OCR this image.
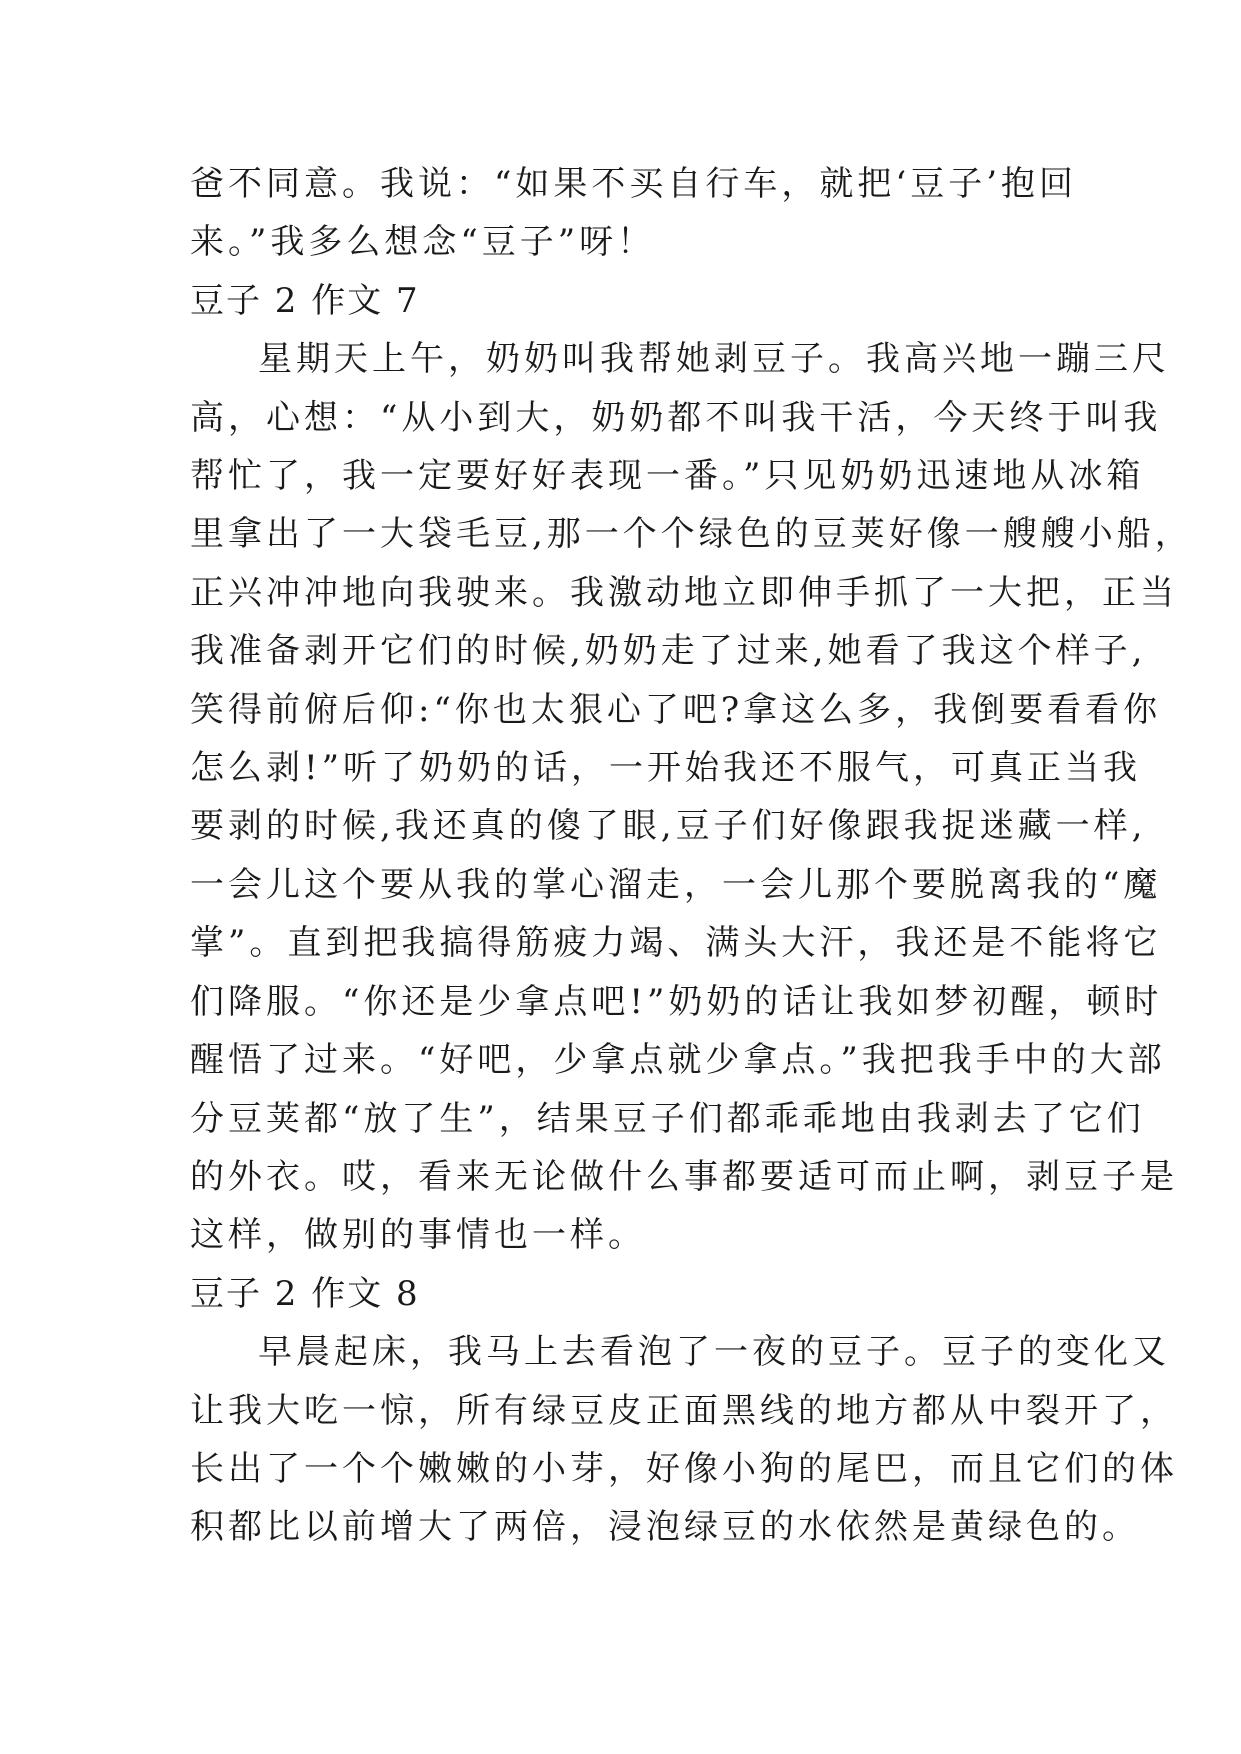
爸不同意。我说：“如果不买自行车，就把‘豆子’抱回
来。”我多么想念“豆子”呀！
豆子 2 作文 7
星期天上午，奶奶叫我帮她剥豆子。我高兴地一蹦三尺
高，心想：“从小到大，奶奶都不叫我干活，今天终于叫我
帮忙了，我一定要好好表现一番。”只见奶奶迅速地从冰箱
里拿出了一大袋毛豆,那一个个绿色的豆荚好像一艘艘小船，
正兴冲冲地向我驶来。我激动地立即伸手抓了一大把，正当
我准备剥开它们的时候,奶奶走了过来,她看了我这个样子,
笑得前俯后仰:“你也太狠心了吧?拿这么多，我倒要看看你
怎么剥!”听了奶奶的话，一开始我还不服气，可真正当我
要剥的时候,我还真的傻了眼,豆子们好像跟我捉迷藏一样,
一会儿这个要从我的掌心溜走，一会儿那个要脱离我的“魔
掌”。直到把我搞得筋疲力竭、满头大汗，我还是不能将它
们降服。“你还是少拿点吧!”奶奶的话让我如梦初醒，顿时
醒悟了过来。“好吧，少拿点就少拿点。”我把我手中的大部
分豆荚都“放了生”，结果豆子们都乖乖地由我剥去了它们
的外衣。哎，看来无论做什么事都要适可而止啊，剥豆子是
这样，做别的事情也一样。
豆子 2 作文 8
早晨起床，我马上去看泡了一夜的豆子。豆子的变化又
让我大吃一惊，所有绿豆皮正面黑线的地方都从中裂开了，
长出了一个个嫩嫩的小芽，好像小狗的尾巴，而且它们的体
积都比以前增大了两倍，浸泡绿豆的水依然是黄绿色的。
